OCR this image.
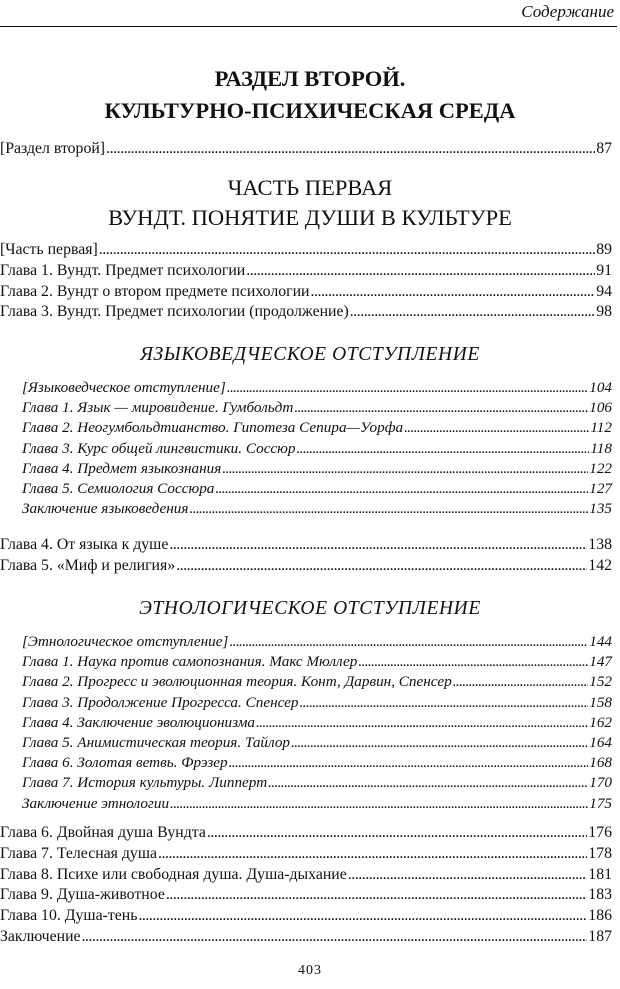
Содержание
РАЗДЕЛ ВТОРОЙ.
КУЛЬТУРНО-ПСИХИЧЕСКАЯ СРЕДА
[Раздел второй] . . .	87
ЧАСТЬ ПЕРВАЯ
ВУНДТ. ПОНЯТИЕ ДУШИ В КУЛЬТУРЕ
[Часть первая] . . .	89
Глава 1. Вундт. Предмет психологии . . .	91
Глава 2. Вундт о втором предмете психологии . . .	94
Глава 3. Вундт. Предмет психологии (продолжение) . . .	98
ЯЗЫКОВЕДЧЕСКОЕ ОТСТУПЛЕНИЕ
[Языковедческое отступление] . . .	104
Глава 1. Язык — мировидение. Гумбольдт . . .	106
Глава 2. Неогумбольдтианство. Гипотеза Сепира—Уорфа . . .	112
Глава 3. Курс общей лингвистики. Соссюр . . .	118
Глава 4. Предмет языкознания . . .	122
Глава 5. Семиология Соссюра . . .	127
Заключение языковедения . . .	135
Глава 4. От языка к душе . . .	138
Глава 5. «Миф и религия» . . .	142
ЭТНОЛОГИЧЕСКОЕ ОТСТУПЛЕНИЕ
[Этнологическое отступление] . . .	144
Глава 1. Наука против самопознания. Макс Мюллер . . .	147
Глава 2. Прогресс и эволюционная теория. Конт, Дарвин, Спенсер . . .	152
Глава 3. Продолжение Прогресса. Спенсер . . .	158
Глава 4. Заключение эволюционизма . . .	162
Глава 5. Анимистическая теория. Тайлор . . .	164
Глава 6. Золотая ветвь. Фрэзер . . .	168
Глава 7. История культуры. Липперт . . .	170
Заключение этнологии . . .	175
Глава 6. Двойная душа Вундта . . .	176
Глава 7. Телесная душа . . .	178
Глава 8. Психе или свободная душа. Душа-дыхание . . .	181
Глава 9. Душа-животное . . .	183
Глава 10. Душа-тень . . .	186
Заключение . . .	187
403
